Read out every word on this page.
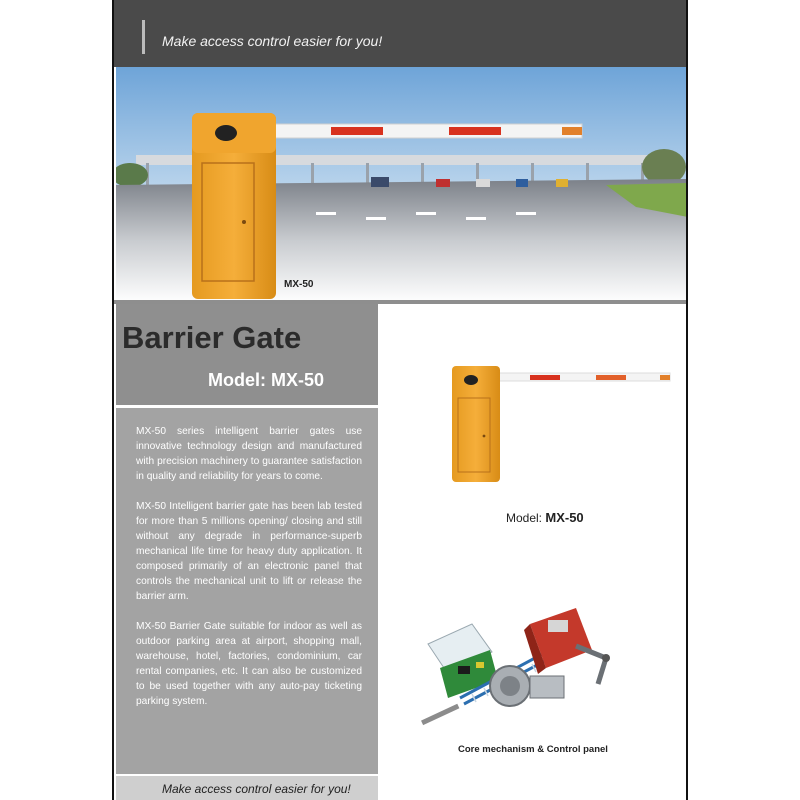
Make access control easier for you!
MX-50
Barrier Gate
Model: MX-50

MX-50 series intelligent barrier gates use innovative technology design and manufactured with precision machinery to guarantee satisfaction in quality and reliability for years to come.

MX-50 Intelligent barrier gate has been lab tested for more than 5 millions opening/ closing and still without any degrade in performance-superb mechanical life time for heavy duty application. It composed primarily of an electronic panel that controls the mechanical unit to lift or release the barrier arm.

MX-50 Barrier Gate suitable for indoor as well as outdoor parking area at airport, shopping mall, warehouse, hotel, factories, condominium, car rental companies, etc. It can also be customized to be used together with any auto-pay ticketing parking system.

Make access control easier for you!
Model: MX-50
Core mechanism & Control panel
